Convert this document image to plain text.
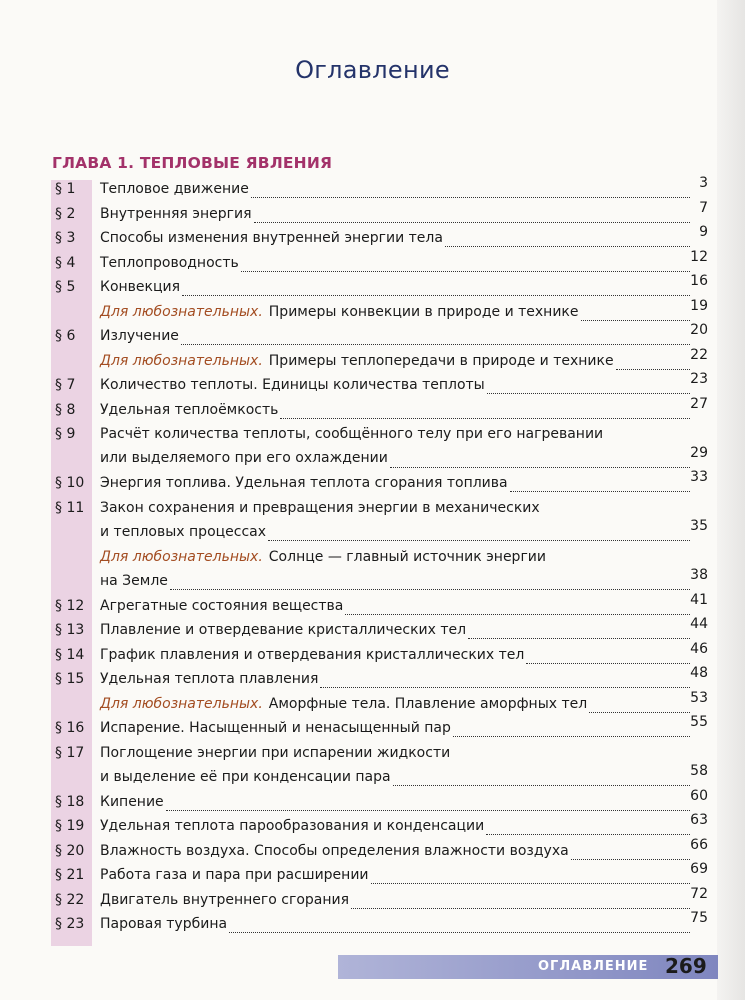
Оглавление
ГЛАВА 1. ТЕПЛОВЫЕ ЯВЛЕНИЯ
§ 1	Тепловое движение	3
§ 2	Внутренняя энергия	7
§ 3	Способы изменения внутренней энергии тела	9
§ 4	Теплопроводность	12
§ 5	Конвекция	16
Для любознательных. Примеры конвекции в природе и технике	19
§ 6	Излучение	20
Для любознательных. Примеры теплопередачи в природе и технике	22
§ 7	Количество теплоты. Единицы количества теплоты	23
§ 8	Удельная теплоёмкость	27
§ 9	Расчёт количества теплоты, сообщённого телу при его нагревании
или выделяемого при его охлаждении	29
§ 10	Энергия топлива. Удельная теплота сгорания топлива	33
§ 11	Закон сохранения и превращения энергии в механических
и тепловых процессах	35
Для любознательных. Солнце — главный источник энергии
на Земле	38
§ 12	Агрегатные состояния вещества	41
§ 13	Плавление и отвердевание кристаллических тел	44
§ 14	График плавления и отвердевания кристаллических тел	46
§ 15	Удельная теплота плавления	48
Для любознательных. Аморфные тела. Плавление аморфных тел	53
§ 16	Испарение. Насыщенный и ненасыщенный пар	55
§ 17	Поглощение энергии при испарении жидкости
и выделение её при конденсации пара	58
§ 18	Кипение	60
§ 19	Удельная теплота парообразования и конденсации	63
§ 20	Влажность воздуха. Способы определения влажности воздуха	66
§ 21	Работа газа и пара при расширении	69
§ 22	Двигатель внутреннего сгорания	72
§ 23	Паровая турбина	75
ОГЛАВЛЕНИЕ 269
